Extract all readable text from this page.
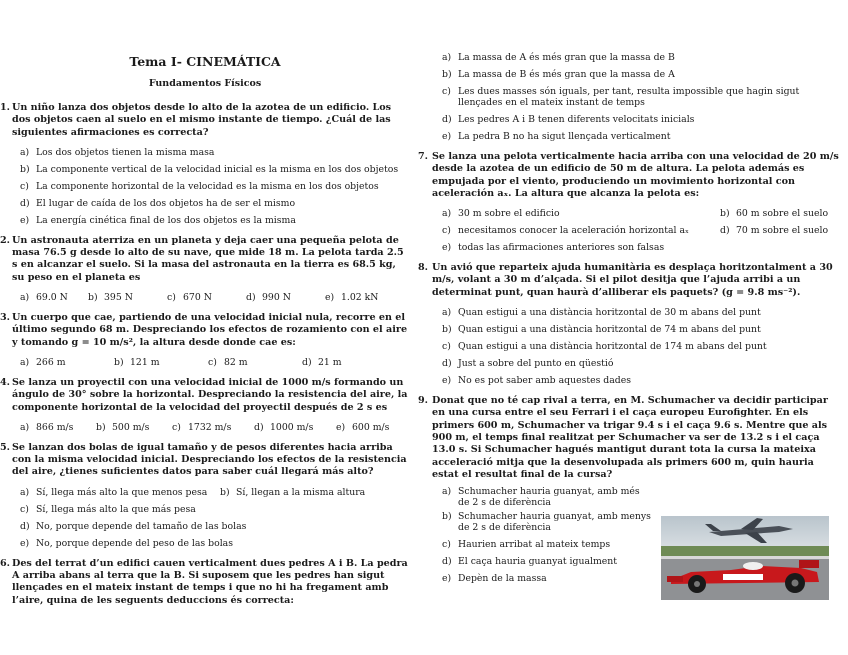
Tema I- CINEMÁTICA
Fundamentos Físicos
1. Un niño lanza dos objetos desde lo alto de la azotea de un edificio. Los dos objetos caen al suelo en el mismo instante de tiempo. ¿Cuál de las siguientes afirmaciones es correcta?
a) Los dos objetos tienen la misma masa
b) La componente vertical de la velocidad inicial es la misma en los dos objetos
c) La componente horizontal de la velocidad es la misma en los dos objetos
d) El lugar de caída de los dos objetos ha de ser el mismo
e) La energía cinética final de los dos objetos es la misma
2. Un astronauta aterriza en un planeta y deja caer una pequeña pelota de masa 76.5 g desde lo alto de su nave, que mide 18 m. La pelota tarda 2.5 s en alcanzar el suelo. Si la masa del astronauta en la tierra es 68.5 kg, su peso en el planeta es
a) 69.0 N	b) 395 N	c) 670 N	d) 990 N	e) 1.02 kN
3. Un cuerpo que cae, partiendo de una velocidad inicial nula, recorre en el último segundo 68 m. Despreciando los efectos de rozamiento con el aire y tomando g = 10 m/s², la altura desde donde cae es:
a) 266 m	b) 121 m	c) 82 m	d) 21 m
4. Se lanza un proyectil con una velocidad inicial de 1000 m/s formando un ángulo de 30° sobre la horizontal. Despreciando la resistencia del aire, la componente horizontal de la velocidad del proyectil después de 2 s es
a) 866 m/s	b) 500 m/s	c) 1732 m/s	d) 1000 m/s	e) 600 m/s
5. Se lanzan dos bolas de igual tamaño y de pesos diferentes hacia arriba con la misma velocidad inicial. Despreciando los efectos de la resistencia del aire, ¿tienes suficientes datos para saber cuál llegará más alto?
a) Sí, llega más alto la que menos pesa	b) Sí, llegan a la misma altura
c) Sí, llega más alto la que más pesa
d) No, porque depende del tamaño de las bolas
e) No, porque depende del peso de las bolas
6. Des del terrat d’un edifici cauen verticalment dues pedres A i B. La pedra A arriba abans al terra que la B. Si suposem que les pedres han sigut llençades en el mateix instant de temps i que no hi ha fregament amb l’aire, quina de les seguents deduccions és correcta:
a) La massa de A és més gran que la massa de B
b) La massa de B és més gran que la massa de A
c) Les dues masses són iguals, per tant, resulta impossible que hagin sigut llençades en el mateix instant de temps
d) Les pedres A i B tenen diferents velocitats inicials
e) La pedra B no ha sigut llençada verticalment
7. Se lanza una pelota verticalmente hacia arriba con una velocidad de 20 m/s desde la azotea de un edificio de 50 m de altura. La pelota además es empujada por el viento, produciendo un movimiento horizontal con aceleración aₓ. La altura que alcanza la pelota es:
a) 30 m sobre el edificio	b) 60 m sobre el suelo
c) necesitamos conocer la aceleración horizontal aₓ	d) 70 m sobre el suelo
e) todas las afirmaciones anteriores son falsas
8. Un avió que reparteix ajuda humanitària es desplaça horitzontalment a 30 m/s, volant a 30 m d’alçada. Si el pilot desitja que l’ajuda arribi a un determinat punt, quan haurà d’alliberar els paquets? (g = 9.8 ms⁻²).
a) Quan estigui a una distància horitzontal de 30 m abans del punt
b) Quan estigui a una distància horitzontal de 74 m abans del punt
c) Quan estigui a una distància horitzontal de 174 m abans del punt
d) Just a sobre del punto en qüestió
e) No es pot saber amb aquestes dades
9. Donat que no té cap rival a terra, en M. Schumacher va decidir participar en una cursa entre el seu Ferrari i el caça europeu Eurofighter. En els primers 600 m, Schumacher va trigar 9.4 s i el caça 9.6 s. Mentre que als 900 m, el temps final realitzat per Schumacher va ser de 13.2 s i el caça 13.0 s. Si Schumacher hagués mantigut durant tota la cursa la mateixa acceleració mitja que la desenvolupada als primers 600 m, quin hauria estat el resultat final de la cursa?
a) Schumacher hauria guanyat, amb més de 2 s de diferència
b) Schumacher hauria guanyat, amb menys de 2 s de diferència
c) Haurien arribat al mateix temps
d) El caça hauria guanyat igualment
e) Depèn de la massa
